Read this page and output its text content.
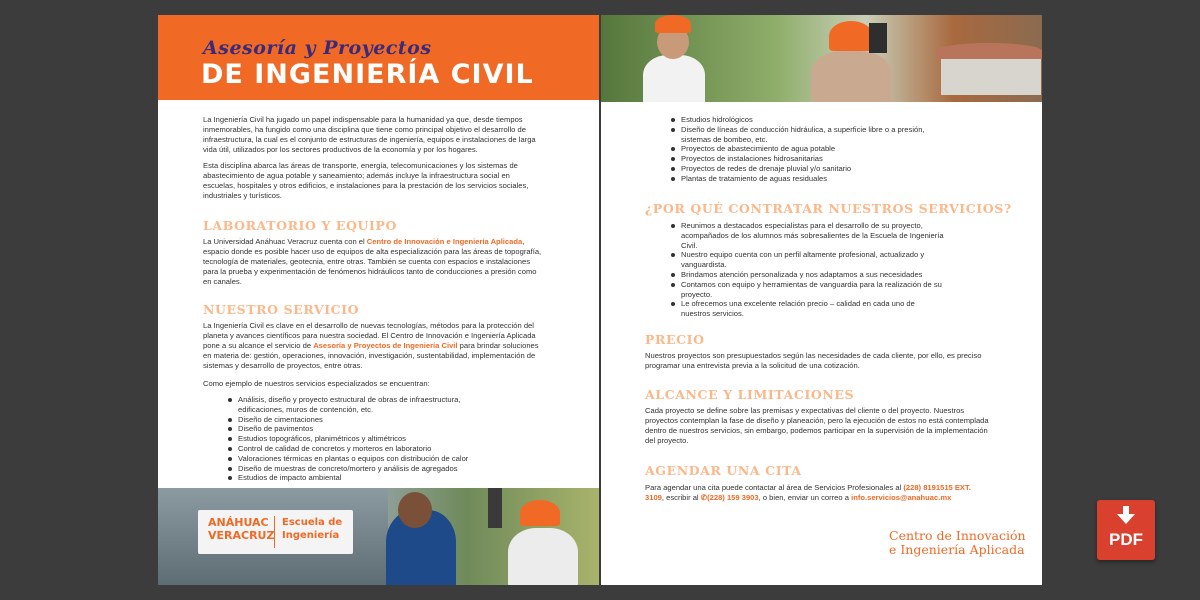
Asesoría y Proyectos
DE INGENIERÍA CIVIL
La Ingeniería Civil ha jugado un papel indispensable para la humanidad ya que, desde tiempos inmemorables, ha fungido como una disciplina que tiene como principal objetivo el desarrollo de infraestructura, la cual es el conjunto de estructuras de ingeniería, equipos e instalaciones de larga vida útil, utilizados por los sectores productivos de la economía y por los hogares.
Esta disciplina abarca las áreas de transporte, energía, telecomunicaciones y los sistemas de abastecimiento de agua potable y saneamiento; además incluye la infraestructura social en escuelas, hospitales y otros edificios, e instalaciones para la prestación de los servicios sociales, industriales y turísticos.
LABORATORIO Y EQUIPO
La Universidad Anáhuac Veracruz cuenta con el Centro de Innovación e Ingeniería Aplicada, espacio donde es posible hacer uso de equipos de alta especialización para las áreas de topografía, tecnología de materiales, geotecnia, entre otras. También se cuenta con espacios e instalaciones para la prueba y experimentación de fenómenos hidráulicos tanto de conducciones a presión como en canales.
NUESTRO SERVICIO
La Ingeniería Civil es clave en el desarrollo de nuevas tecnologías, métodos para la protección del planeta y avances científicos para nuestra sociedad. El Centro de Innovación e Ingeniería Aplicada pone a su alcance el servicio de Asesoría y Proyectos de Ingeniería Civil para brindar soluciones en materia de: gestión, operaciones, innovación, investigación, sustentabilidad, implementación de sistemas y desarrollo de proyectos, entre otras.
Como ejemplo de nuestros servicios especializados se encuentran:
Análisis, diseño y proyecto estructural de obras de infraestructura, edificaciones, muros de contención, etc.
Diseño de cimentaciones
Diseño de pavimentos
Estudios topográficos, planimétricos y altimétricos
Control de calidad de concretos y morteros en laboratorio
Valoraciones térmicas en plantas o equipos con distribución de calor
Diseño de muestras de concreto/mortero y análisis de agregados
Estudios de impacto ambiental
ANÁHUAC
VERACRUZ
Escuela de
Ingeniería
Estudios hidrológicos
Diseño de líneas de conducción hidráulica, a superficie libre o a presión, sistemas de bombeo, etc.
Proyectos de abastecimiento de agua potable
Proyectos de instalaciones hidrosanitarias
Proyectos de redes de drenaje pluvial y/o sanitario
Plantas de tratamiento de aguas residuales
¿POR QUÉ CONTRATAR NUESTROS SERVICIOS?
Reunimos a destacados especialistas para el desarrollo de su proyecto, acompañados de los alumnos más sobresalientes de la Escuela de Ingeniería Civil.
Nuestro equipo cuenta con un perfil altamente profesional, actualizado y vanguardista.
Brindamos atención personalizada y nos adaptamos a sus necesidades
Contamos con equipo y herramientas de vanguardia para la realización de su proyecto.
Le ofrecemos una excelente relación precio – calidad en cada uno de nuestros servicios.
PRECIO
Nuestros proyectos son presupuestados según las necesidades de cada cliente, por ello, es preciso programar una entrevista previa a la solicitud de una cotización.
ALCANCE Y LIMITACIONES
Cada proyecto se define sobre las premisas y expectativas del cliente o del proyecto. Nuestros proyectos contemplan la fase de diseño y planeación, pero la ejecución de estos no está contemplada dentro de nuestros servicios, sin embargo, podemos participar en la supervisión de la implementación del proyecto.
AGENDAR UNA CITA
Para agendar una cita puede contactar al área de Servicios Profesionales al (228) 8191515 EXT. 3109, escribir al ✆(228) 159 3903, o bien, enviar un correo a info.servicios@anahuac.mx
Centro de Innovación
e Ingeniería Aplicada
PDF
